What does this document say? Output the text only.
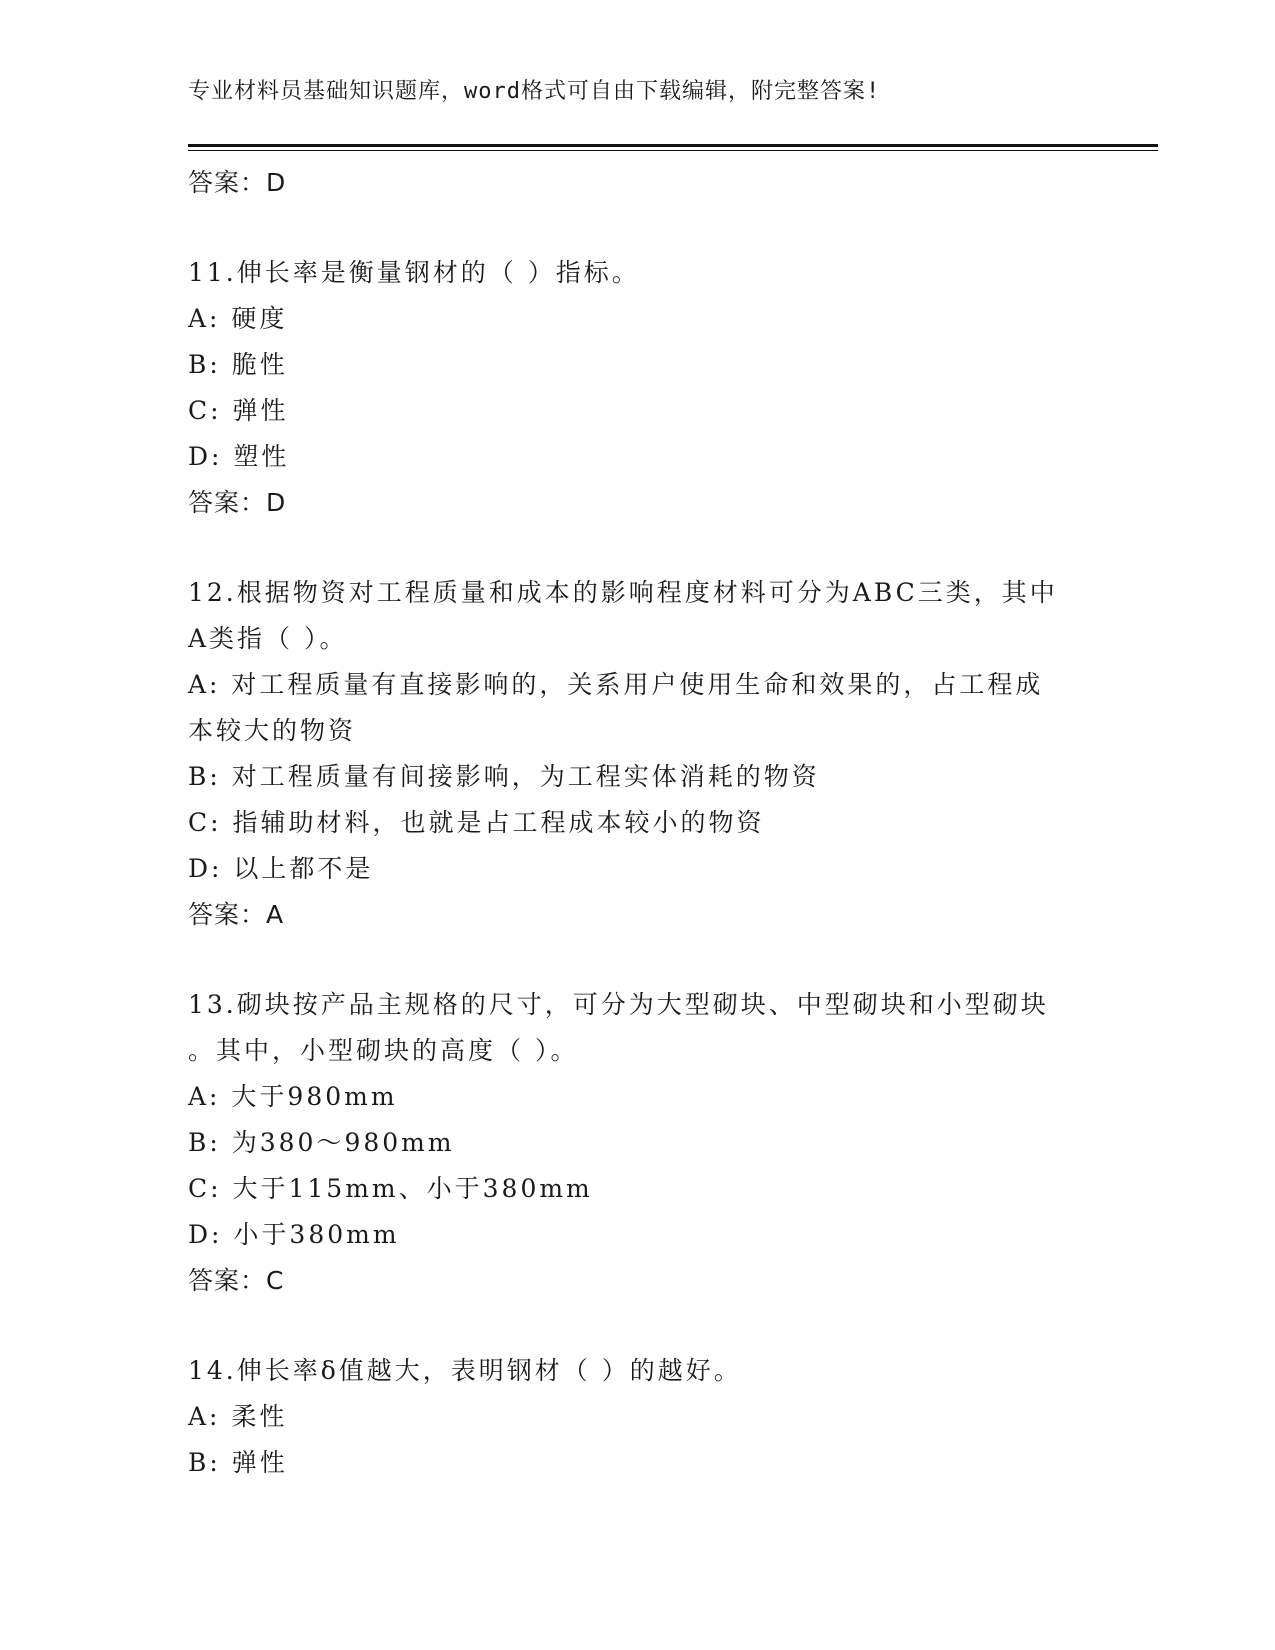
专业材料员基础知识题库，word格式可自由下载编辑，附完整答案!
答案：D
11.伸长率是衡量钢材的（ ）指标。
A: 硬度
B: 脆性
C: 弹性
D: 塑性
答案：D
12.根据物资对工程质量和成本的影响程度材料可分为ABC三类，其中
A类指（ ）。
A: 对工程质量有直接影响的，关系用户使用生命和效果的，占工程成
本较大的物资
B: 对工程质量有间接影响，为工程实体消耗的物资
C: 指辅助材料，也就是占工程成本较小的物资
D: 以上都不是
答案：A
13.砌块按产品主规格的尺寸，可分为大型砌块、中型砌块和小型砌块
。其中，小型砌块的高度（ ）。
A: 大于980mm
B: 为380～980mm
C: 大于115mm、小于380mm
D: 小于380mm
答案：C
14.伸长率δ值越大，表明钢材（ ）的越好。
A: 柔性
B: 弹性
